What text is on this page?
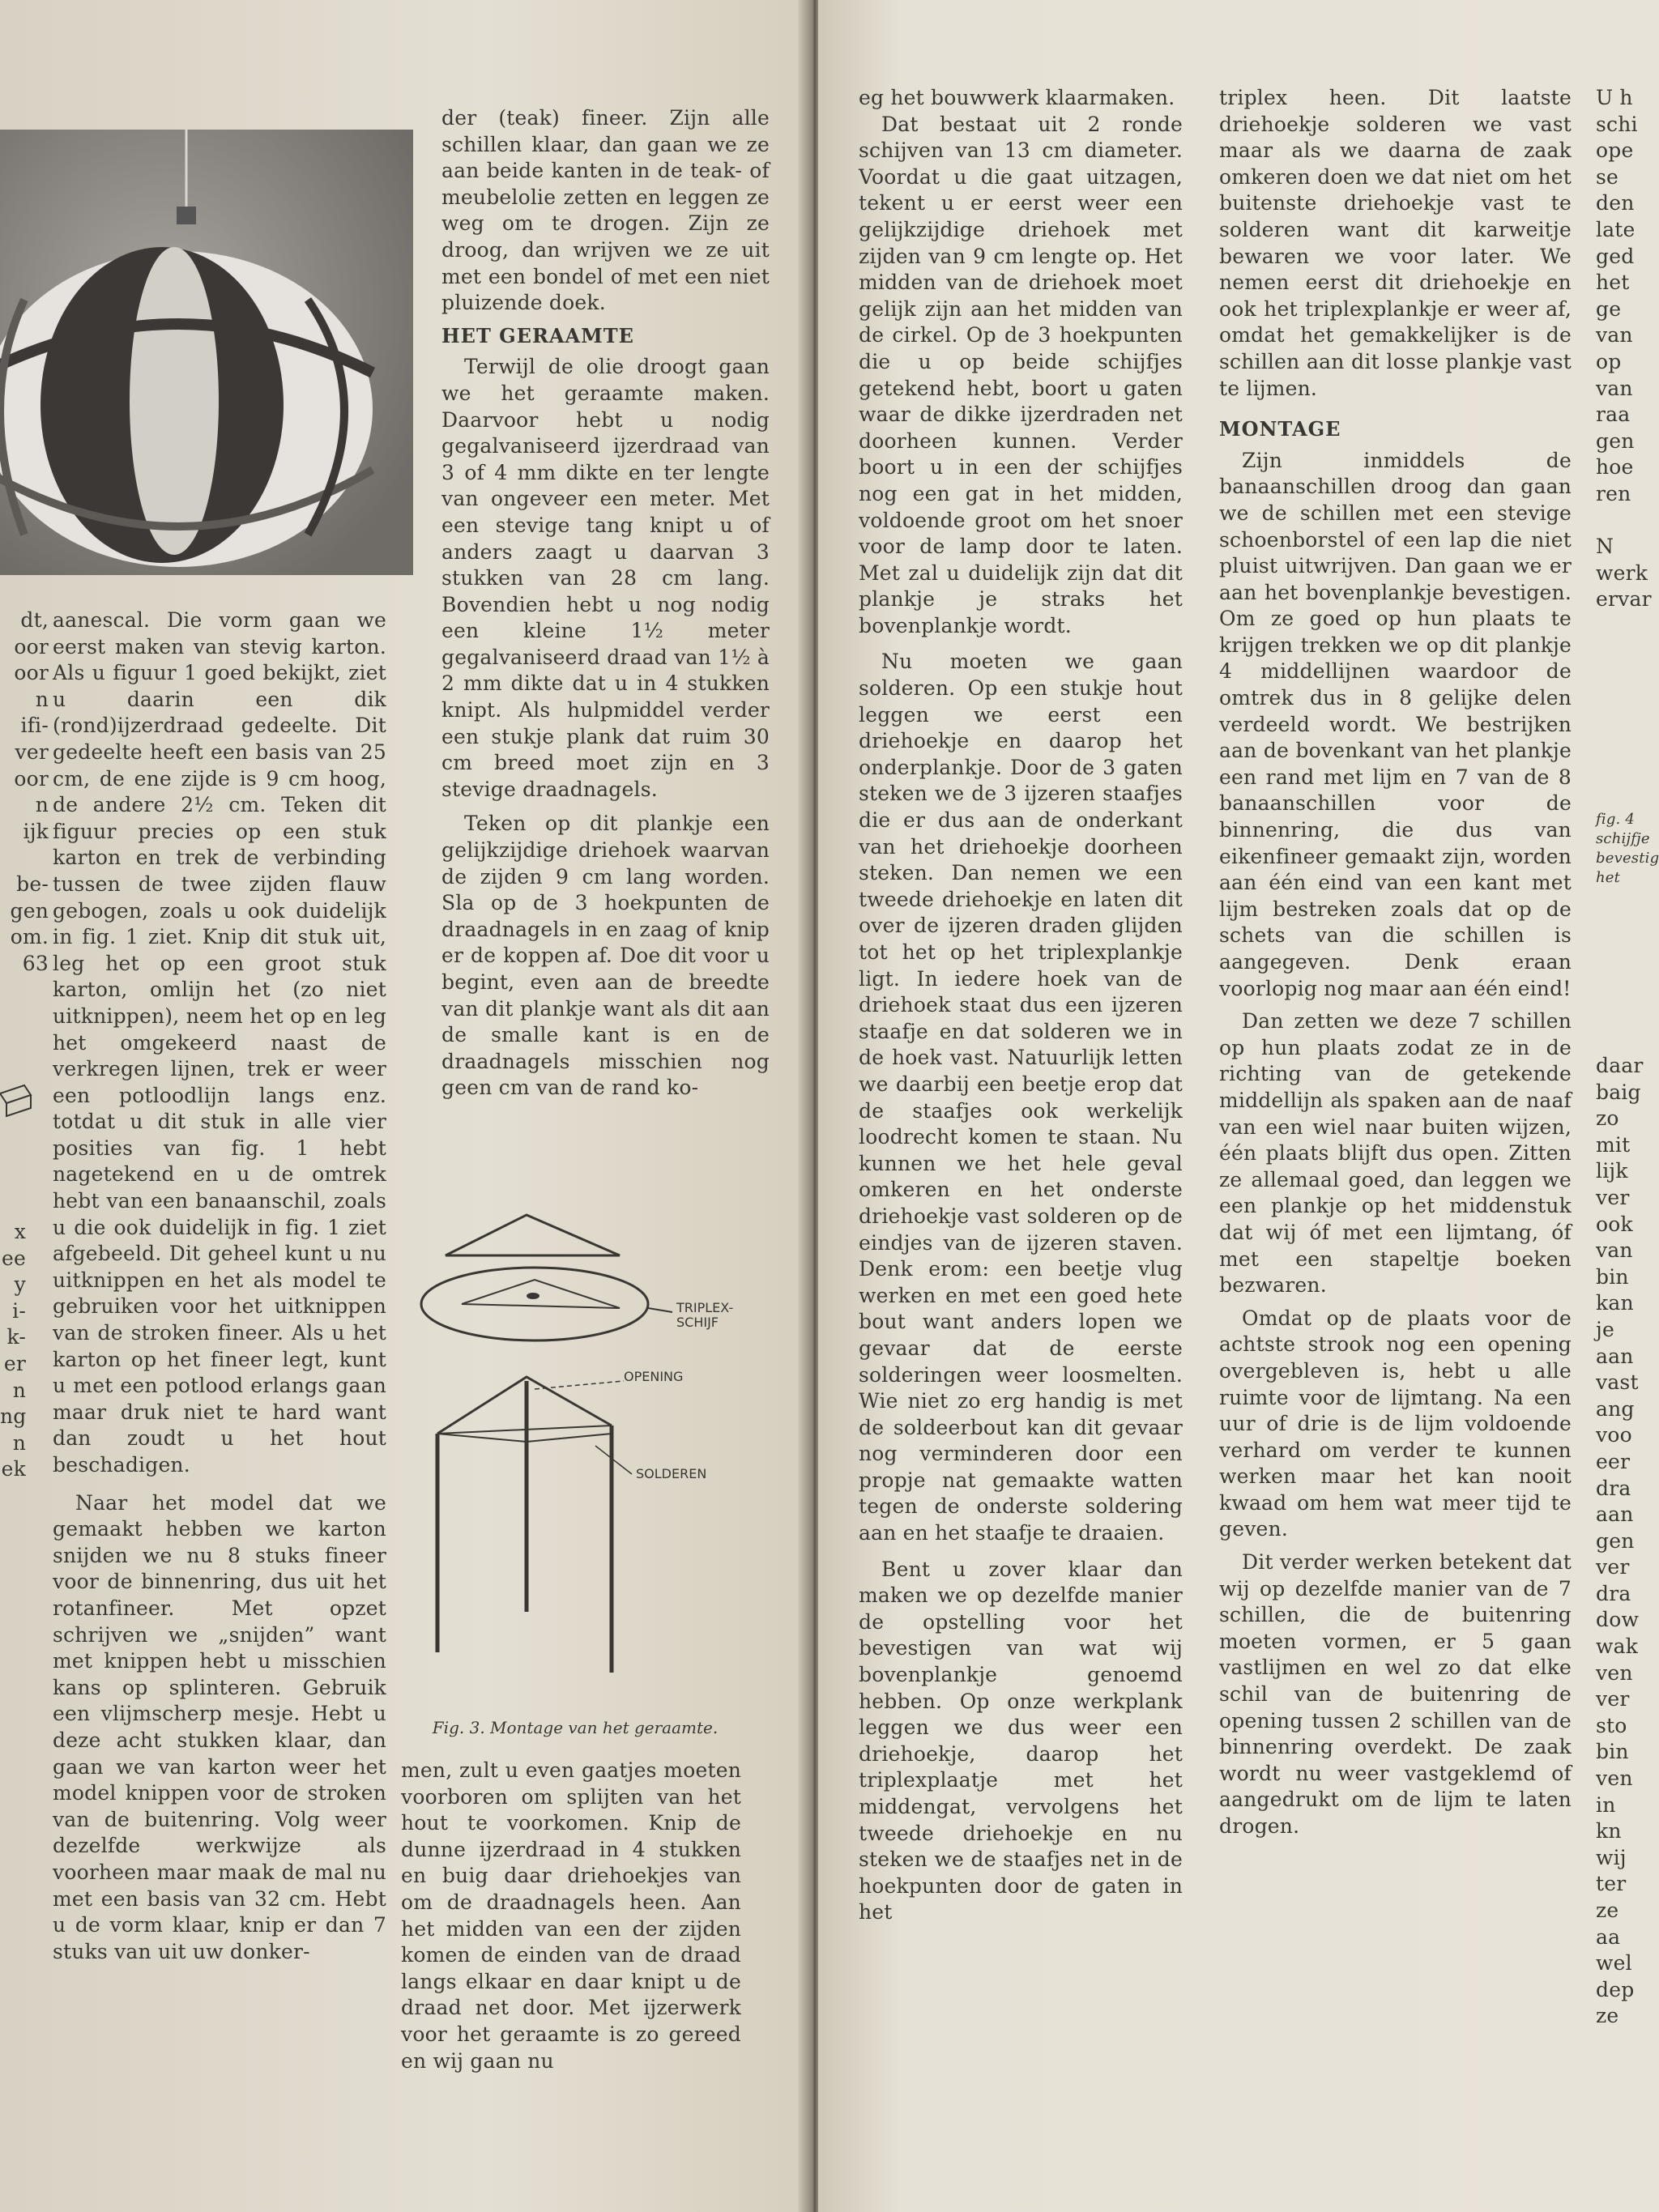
dt,

oor

oor

n

ifi-

ver

oor

n

ijk

be-

gen

om.

63

x

ee

y

i-

k-

er

n

ng

n

ek

aanescal. Die vorm gaan we eerst maken van stevig karton. Als u figuur 1 goed bekijkt, ziet u daarin een dik (rond)ijzerdraad gedeelte. Dit gedeelte heeft een basis van 25 cm, de ene zijde is 9 cm hoog, de andere 2½ cm. Teken dit figuur precies op een stuk karton en trek de verbinding tussen de twee zijden flauw gebogen, zoals u ook duidelijk in fig. 1 ziet. Knip dit stuk uit, leg het op een groot stuk karton, omlijn het (zo niet uitknippen), neem het op en leg het omgekeerd naast de verkregen lijnen, trek er weer een potloodlijn langs enz. totdat u dit stuk in alle vier posities van fig. 1 hebt nagetekend en u de omtrek hebt van een banaanschil, zoals u die ook duidelijk in fig. 1 ziet afgebeeld. Dit geheel kunt u nu uitknippen en het als model te gebruiken voor het uitknippen van de stroken fineer. Als u het karton op het fineer legt, kunt u met een potlood erlangs gaan maar druk niet te hard want dan zoudt u het hout beschadigen.

Naar het model dat we gemaakt hebben we karton snijden we nu 8 stuks fineer voor de binnenring, dus uit het rotanfineer. Met opzet schrijven we „snijden” want met knippen hebt u misschien kans op splinteren. Gebruik een vlijmscherp mesje. Hebt u deze acht stukken klaar, dan gaan we van karton weer het model knippen voor de stroken van de buitenring. Volg weer dezelfde werkwijze als voorheen maar maak de mal nu met een basis van 32 cm. Hebt u de vorm klaar, knip er dan 7 stuks van uit uw donker-

der (teak) fineer. Zijn alle schillen klaar, dan gaan we ze aan beide kanten in de teak- of meubelolie zetten en leggen ze weg om te drogen. Zijn ze droog, dan wrijven we ze uit met een bondel of met een niet pluizende doek.

HET GERAAMTE

Terwijl de olie droogt gaan we het geraamte maken. Daarvoor hebt u nodig gegalvaniseerd ijzerdraad van 3 of 4 mm dikte en ter lengte van ongeveer een meter. Met een stevige tang knipt u of anders zaagt u daarvan 3 stukken van 28 cm lang. Bovendien hebt u nog nodig een kleine 1½ meter gegalvaniseerd draad van 1½ à 2 mm dikte dat u in 4 stukken knipt. Als hulpmiddel verder een stukje plank dat ruim 30 cm breed moet zijn en 3 stevige draadnagels.

Teken op dit plankje een gelijkzijdige driehoek waarvan de zijden 9 cm lang worden. Sla op de 3 hoekpunten de draadnagels in en zaag of knip er de koppen af. Doe dit voor u begint, even aan de breedte van dit plankje want als dit aan de smalle kant is en de draadnagels misschien nog geen cm van de rand ko-

TRIPLEX-SCHIJF
OPENING
SOLDEREN

Fig. 3. Montage van het geraamte.

men, zult u even gaatjes moeten voorboren om splijten van het hout te voorkomen. Knip de dunne ijzerdraad in 4 stukken en buig daar driehoekjes van om de draadnagels heen. Aan het midden van een der zijden komen de einden van de draad langs elkaar en daar knipt u de draad net door. Met ijzerwerk voor het geraamte is zo gereed en wij gaan nu

eg het bouwwerk klaarmaken.

Dat bestaat uit 2 ronde schijven van 13 cm diameter. Voordat u die gaat uitzagen, tekent u er eerst weer een gelijkzijdige driehoek met zijden van 9 cm lengte op. Het midden van de driehoek moet gelijk zijn aan het midden van de cirkel. Op de 3 hoekpunten die u op beide schijfjes getekend hebt, boort u gaten waar de dikke ijzerdraden net doorheen kunnen. Verder boort u in een der schijfjes nog een gat in het midden, voldoende groot om het snoer voor de lamp door te laten. Met zal u duidelijk zijn dat dit plankje je straks het bovenplankje wordt.

Nu moeten we gaan solderen. Op een stukje hout leggen we eerst een driehoekje en daarop het onderplankje. Door de 3 gaten steken we de 3 ijzeren staafjes die er dus aan de onderkant van het driehoekje doorheen steken. Dan nemen we een tweede driehoekje en laten dit over de ijzeren draden glijden tot het op het triplexplankje ligt. In iedere hoek van de driehoek staat dus een ijzeren staafje en dat solderen we in de hoek vast. Natuurlijk letten we daarbij een beetje erop dat de staafjes ook werkelijk loodrecht komen te staan. Nu kunnen we het hele geval omkeren en het onderste driehoekje vast solderen op de eindjes van de ijzeren staven. Denk erom: een beetje vlug werken en met een goed hete bout want anders lopen we gevaar dat de eerste solderingen weer loosmelten. Wie niet zo erg handig is met de soldeerbout kan dit gevaar nog verminderen door een propje nat gemaakte watten tegen de onderste soldering aan en het staafje te draaien.

Bent u zover klaar dan maken we op dezelfde manier de opstelling voor het bevestigen van wat wij bovenplankje genoemd hebben. Op onze werkplank leggen we dus weer een driehoekje, daarop het triplexplaatje met het middengat, vervolgens het tweede driehoekje en nu steken we de staafjes net in de hoekpunten door de gaten in het

triplex heen. Dit laatste driehoekje solderen we vast maar als we daarna de zaak omkeren doen we dat niet om het buitenste driehoekje vast te solderen want dit karweitje bewaren we voor later. We nemen eerst dit driehoekje en ook het triplexplankje er weer af, omdat het gemakkelijker is de schillen aan dit losse plankje vast te lijmen.

MONTAGE

Zijn inmiddels de banaanschillen droog dan gaan we de schillen met een stevige schoenborstel of een lap die niet pluist uitwrijven. Dan gaan we er aan het bovenplankje bevestigen. Om ze goed op hun plaats te krijgen trekken we op dit plankje 4 middellijnen waardoor de omtrek dus in 8 gelijke delen verdeeld wordt. We bestrijken aan de bovenkant van het plankje een rand met lijm en 7 van de 8 banaanschillen voor de binnenring, die dus van eikenfineer gemaakt zijn, worden aan één eind van een kant met lijm bestreken zoals dat op de schets van die schillen is aangegeven. Denk eraan voorlopig nog maar aan één eind!

Dan zetten we deze 7 schillen op hun plaats zodat ze in de richting van de getekende middellijn als spaken aan de naaf van een wiel naar buiten wijzen, één plaats blijft dus open. Zitten ze allemaal goed, dan leggen we een plankje op het middenstuk dat wij óf met een lijmtang, óf met een stapeltje boeken bezwaren.

Omdat op de plaats voor de achtste strook nog een opening overgebleven is, hebt u alle ruimte voor de lijmtang. Na een uur of drie is de lijm voldoende verhard om verder te kunnen werken maar het kan nooit kwaad om hem wat meer tijd te geven.

Dit verder werken betekent dat wij op dezelfde manier van de 7 schillen, die de buitenring moeten vormen, er 5 gaan vastlijmen en wel zo dat elke schil van de buitenring de opening tussen 2 schillen van de binnenring overdekt. De zaak wordt nu weer vastgeklemd of aangedrukt om de lijm te laten drogen.

U h

schi

ope

se

den

late

ged

het

ge

van

op

van

raa

gen

hoe

ren

N

werk

ervar

fig. 4

schijfje

bevestig

het

daar

baig

zo

mit

lijk

ver

ook

van

bin

kan

je

aan

vast

ang

voo

eer

dra

aan

gen

ver

dra

dow

wak

ven

ver

sto

bin

ven

in

kn

wij

ter

ze

aa

wel

dep

ze
